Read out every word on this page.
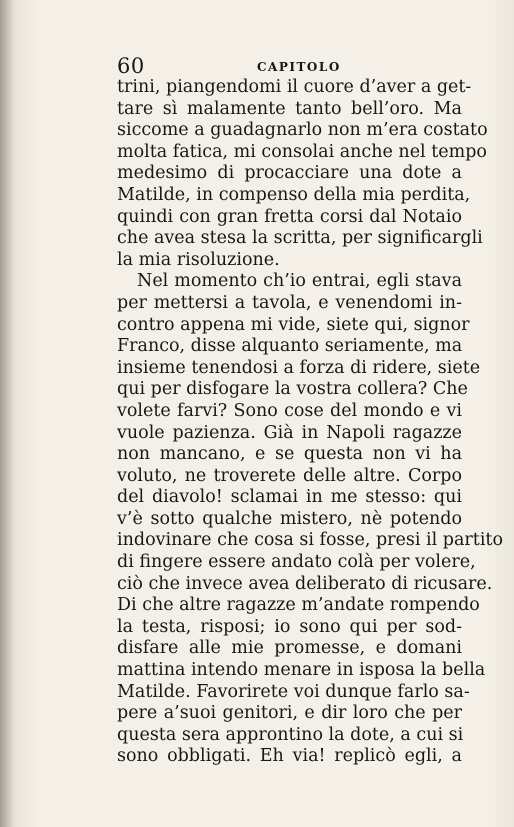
60	CAPITOLO
trini, piangendomi il cuore d’aver a get-
tare sì malamente tanto bell’oro. Ma
siccome a guadagnarlo non m’era costato
molta fatica, mi consolai anche nel tempo
medesimo di procacciare una dote a
Matilde, in compenso della mia perdita,
quindi con gran fretta corsi dal Notaio
che avea stesa la scritta, per significargli
la mia risoluzione.
Nel momento ch’io entrai, egli stava
per mettersi a tavola, e venendomi in-
contro appena mi vide, siete qui, signor
Franco, disse alquanto seriamente, ma
insieme tenendosi a forza di ridere, siete
qui per disfogare la vostra collera? Che
volete farvi? Sono cose del mondo e vi
vuole pazienza. Già in Napoli ragazze
non mancano, e se questa non vi ha
voluto, ne troverete delle altre. Corpo
del diavolo! sclamai in me stesso: qui
v’è sotto qualche mistero, nè potendo
indovinare che cosa si fosse, presi il partito
di fingere essere andato colà per volere,
ciò che invece avea deliberato di ricusare.
Di che altre ragazze m’andate rompendo
la testa, risposi; io sono qui per sod-
disfare alle mie promesse, e domani
mattina intendo menare in isposa la bella
Matilde. Favorirete voi dunque farlo sa-
pere a’suoi genitori, e dir loro che per
questa sera approntino la dote, a cui si
sono obbligati. Eh via! replicò egli, a
